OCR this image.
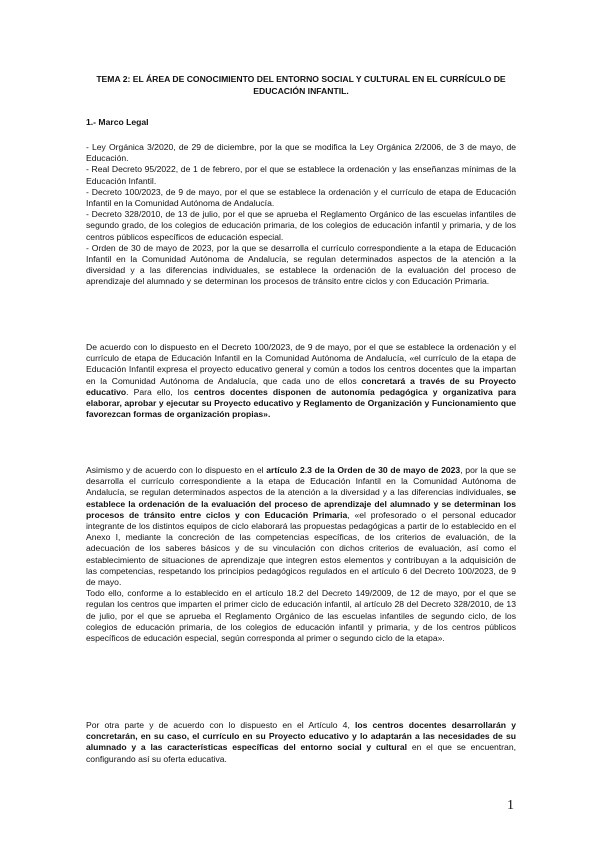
TEMA 2: EL ÁREA DE CONOCIMIENTO DEL ENTORNO SOCIAL Y CULTURAL EN EL CURRÍCULO DE EDUCACIÓN INFANTIL.
1.- Marco Legal

- Ley Orgánica 3/2020, de 29 de diciembre, por la que se modifica la Ley Orgánica 2/2006, de 3 de mayo, de Educación.

- Real Decreto 95/2022, de 1 de febrero, por el que se establece la ordenación y las enseñanzas mínimas de la Educación Infantil.

- Decreto 100/2023, de 9 de mayo, por el que se establece la ordenación y el currículo de etapa de Educación Infantil en la Comunidad Autónoma de Andalucía.

- Decreto 328/2010, de 13 de julio, por el que se aprueba el Reglamento Orgánico de las escuelas infantiles de segundo grado, de los colegios de educación primaria, de los colegios de educación infantil y primaria, y de los centros públicos específicos de educación especial.

- Orden de 30 de mayo de 2023, por la que se desarrolla el currículo correspondiente a la etapa de Educación Infantil en la Comunidad Autónoma de Andalucía, se regulan determinados aspectos de la atención a la diversidad y a las diferencias individuales, se establece la ordenación de la evaluación del proceso de aprendizaje del alumnado y se determinan los procesos de tránsito entre ciclos y con Educación Primaria.

De acuerdo con lo dispuesto en el Decreto 100/2023, de 9 de mayo, por el que se establece la ordenación y el currículo de etapa de Educación Infantil en la Comunidad Autónoma de Andalucía, «el currículo de la etapa de Educación Infantil expresa el proyecto educativo general y común a todos los centros docentes que la impartan en la Comunidad Autónoma de Andalucía, que cada uno de ellos concretará a través de su Proyecto educativo. Para ello, los centros docentes disponen de autonomía pedagógica y organizativa para elaborar, aprobar y ejecutar su Proyecto educativo y Reglamento de Organización y Funcionamiento que favorezcan formas de organización propias».

Asimismo y de acuerdo con lo dispuesto en el artículo 2.3 de la Orden de 30 de mayo de 2023, por la que se desarrolla el currículo correspondiente a la etapa de Educación Infantil en la Comunidad Autónoma de Andalucía, se regulan determinados aspectos de la atención a la diversidad y a las diferencias individuales, se establece la ordenación de la evaluación del proceso de aprendizaje del alumnado y se determinan los procesos de tránsito entre ciclos y con Educación Primaria, «el profesorado o el personal educador integrante de los distintos equipos de ciclo elaborará las propuestas pedagógicas a partir de lo establecido en el Anexo I, mediante la concreción de las competencias específicas, de los criterios de evaluación, de la adecuación de los saberes básicos y de su vinculación con dichos criterios de evaluación, así como el establecimiento de situaciones de aprendizaje que integren estos elementos y contribuyan a la adquisición de las competencias, respetando los principios pedagógicos regulados en el artículo 6 del Decreto 100/2023, de 9 de mayo.

Todo ello, conforme a lo establecido en el artículo 18.2 del Decreto 149/2009, de 12 de mayo, por el que se regulan los centros que imparten el primer ciclo de educación infantil, al artículo 28 del Decreto 328/2010, de 13 de julio, por el que se aprueba el Reglamento Orgánico de las escuelas infantiles de segundo ciclo, de los colegios de educación primaria, de los colegios de educación infantil y primaria, y de los centros públicos específicos de educación especial, según corresponda al primer o segundo ciclo de la etapa».

Por otra parte y de acuerdo con lo dispuesto en el Artículo 4, los centros docentes desarrollarán y concretarán, en su caso, el currículo en su Proyecto educativo y lo adaptarán a las necesidades de su alumnado y a las características específicas del entorno social y cultural en el que se encuentran, configurando así su oferta educativa.

1
